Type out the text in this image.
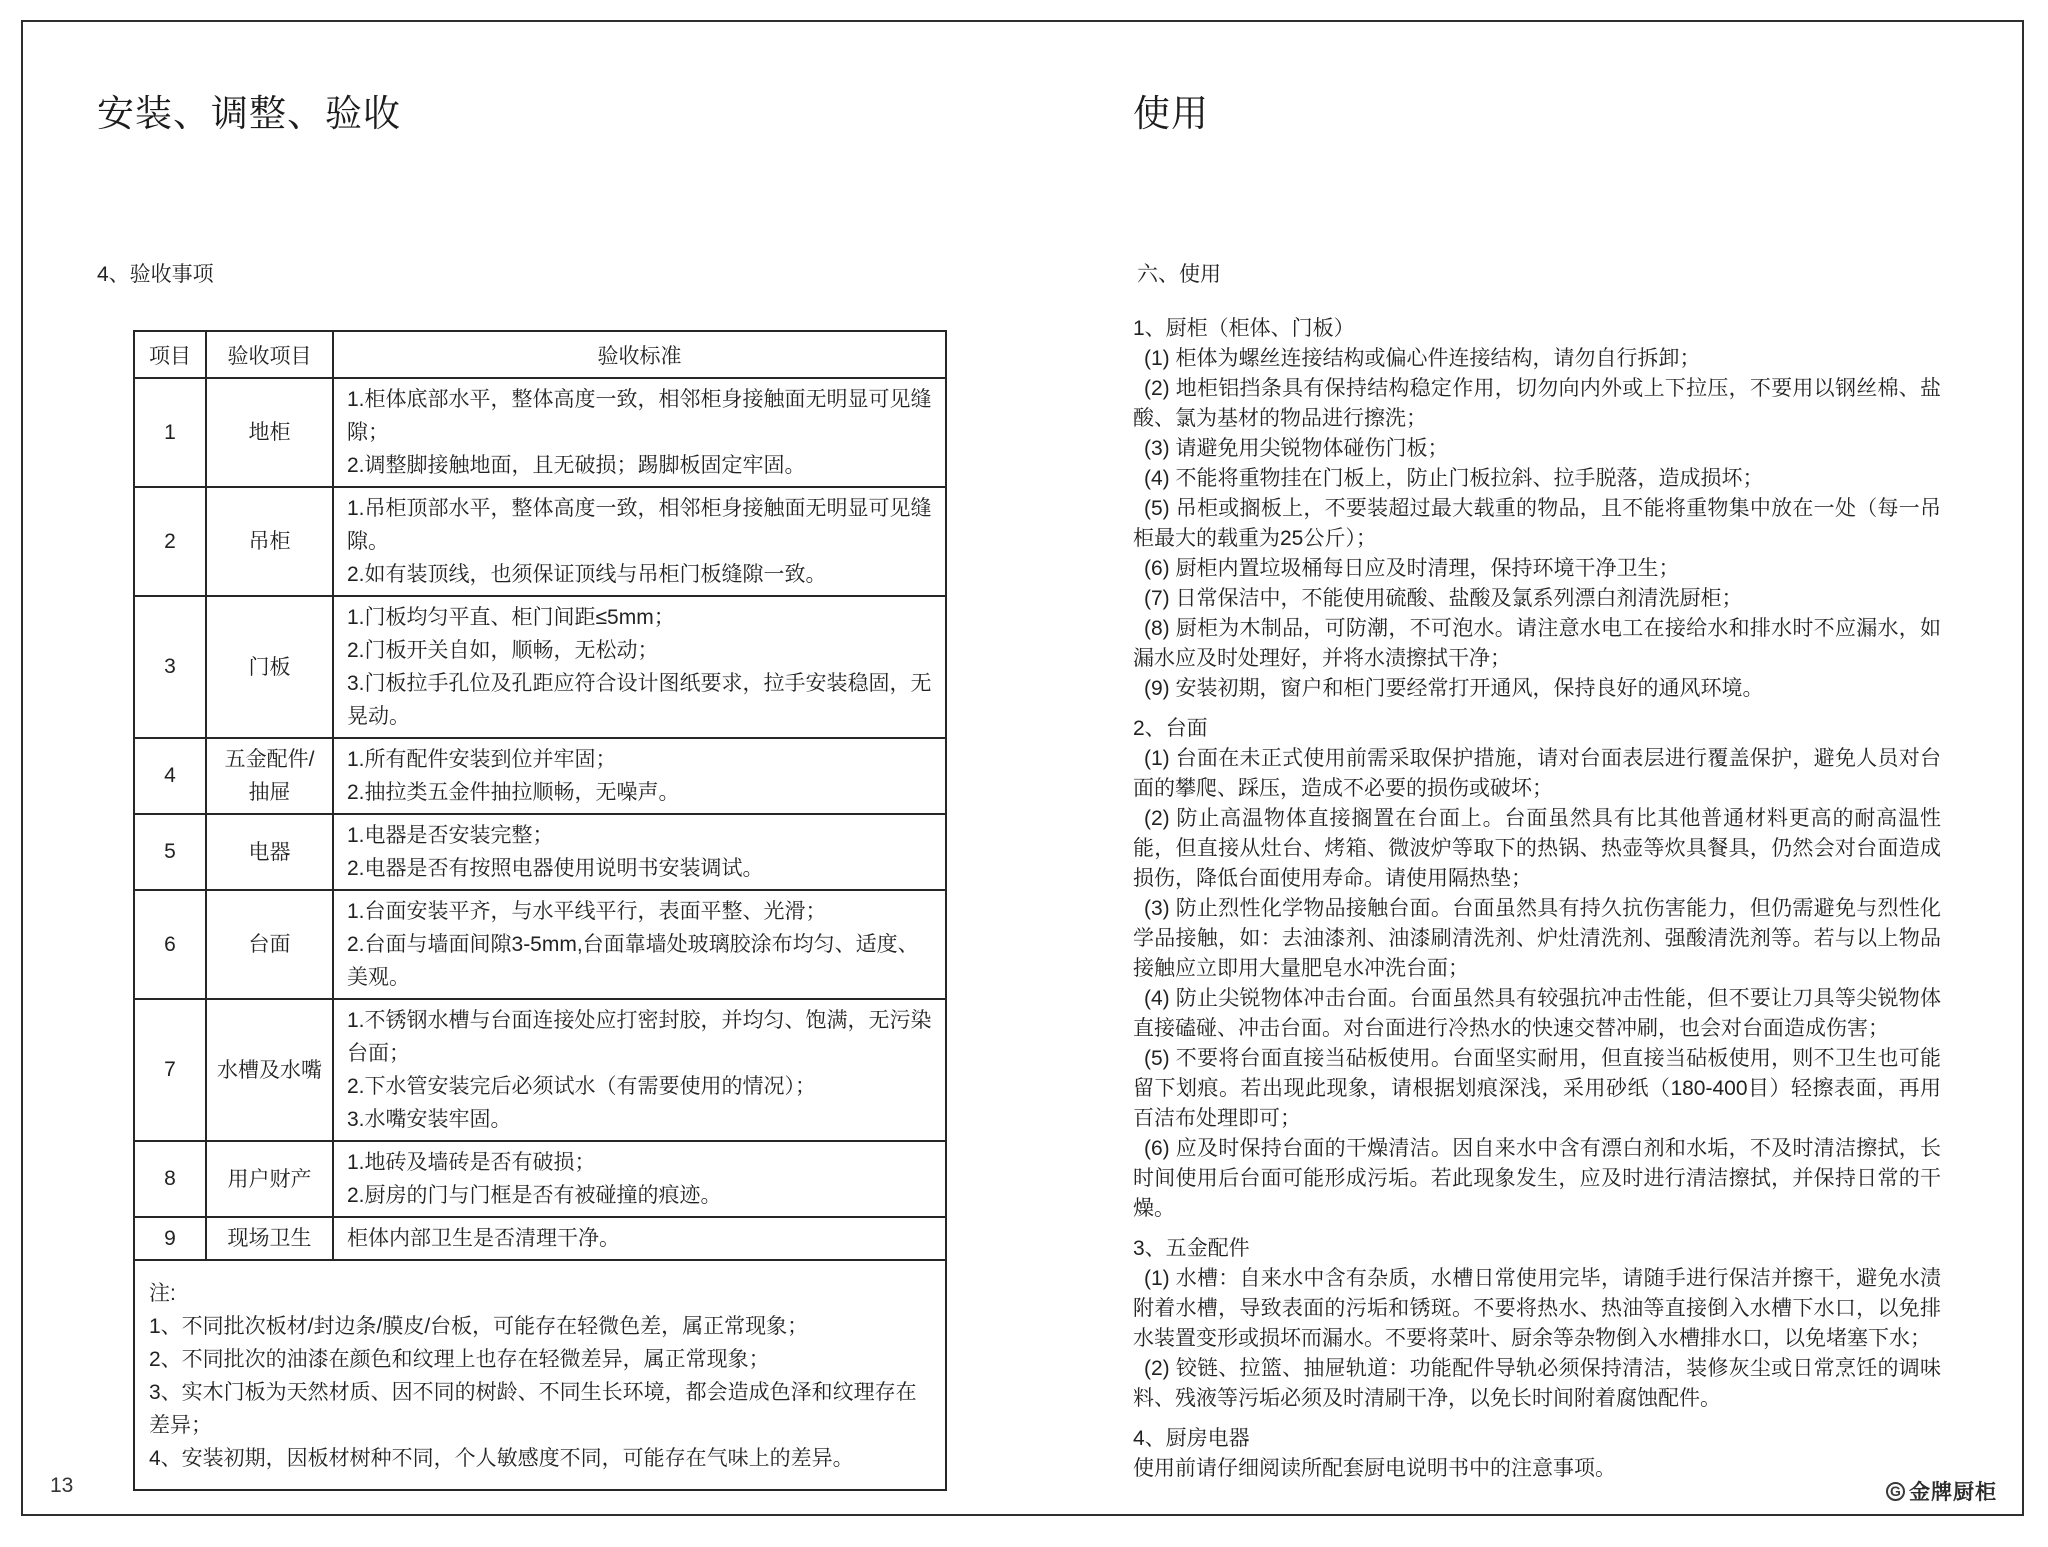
安装、调整、验收
4、验收事项
项目	验收项目	验收标准
1	地柜	1.柜体底部水平，整体高度一致，相邻柜身接触面无明显可见缝隙；
2.调整脚接触地面，且无破损；踢脚板固定牢固。

2	吊柜	1.吊柜顶部水平，整体高度一致，相邻柜身接触面无明显可见缝隙。
2.如有装顶线，也须保证顶线与吊柜门板缝隙一致。

3	门板	1.门板均匀平直、柜门间距≤5mm；
2.门板开关自如，顺畅，无松动；
3.门板拉手孔位及孔距应符合设计图纸要求，拉手安装稳固，无晃动。

4	五金配件/抽屉	1.所有配件安装到位并牢固；
2.抽拉类五金件抽拉顺畅，无噪声。

5	电器	1.电器是否安装完整；
2.电器是否有按照电器使用说明书安装调试。

6	台面	1.台面安装平齐，与水平线平行，表面平整、光滑；
2.台面与墙面间隙3-5mm,台面靠墙处玻璃胶涂布均匀、适度、美观。

7	水槽及水嘴	1.不锈钢水槽与台面连接处应打密封胶，并均匀、饱满，无污染台面；
2.下水管安装完后必须试水（有需要使用的情况）；
3.水嘴安装牢固。

8	用户财产	1.地砖及墙砖是否有破损；
2.厨房的门与门框是否有被碰撞的痕迹。

9	现场卫生	柜体内部卫生是否清理干净。

注:
1、不同批次板材/封边条/膜皮/台板，可能存在轻微色差，属正常现象；
2、不同批次的油漆在颜色和纹理上也存在轻微差异，属正常现象；
3、实木门板为天然材质、因不同的树龄、不同生长环境，都会造成色泽和纹理存在差异；
4、安装初期，因板材树种不同，个人敏感度不同，可能存在气味上的差异。		
使用
六、使用

1、厨柜（柜体、门板）

(1) 柜体为螺丝连接结构或偏心件连接结构，请勿自行拆卸；

(2) 地柜铝挡条具有保持结构稳定作用，切勿向内外或上下拉压，不要用以钢丝棉、盐酸、氯为基材的物品进行擦洗；

(3) 请避免用尖锐物体碰伤门板；

(4) 不能将重物挂在门板上，防止门板拉斜、拉手脱落，造成损坏；

(5) 吊柜或搁板上，不要装超过最大载重的物品，且不能将重物集中放在一处（每一吊柜最大的载重为25公斤）；

(6) 厨柜内置垃圾桶每日应及时清理，保持环境干净卫生；

(7) 日常保洁中，不能使用硫酸、盐酸及氯系列漂白剂清洗厨柜；

(8) 厨柜为木制品，可防潮，不可泡水。请注意水电工在接给水和排水时不应漏水，如漏水应及时处理好，并将水渍擦拭干净；

(9) 安装初期，窗户和柜门要经常打开通风，保持良好的通风环境。

2、台面

(1) 台面在未正式使用前需采取保护措施，请对台面表层进行覆盖保护，避免人员对台面的攀爬、踩压，造成不必要的损伤或破坏；

(2) 防止高温物体直接搁置在台面上。台面虽然具有比其他普通材料更高的耐高温性能，但直接从灶台、烤箱、微波炉等取下的热锅、热壶等炊具餐具，仍然会对台面造成损伤，降低台面使用寿命。请使用隔热垫；

(3) 防止烈性化学物品接触台面。台面虽然具有持久抗伤害能力，但仍需避免与烈性化学品接触，如：去油漆剂、油漆刷清洗剂、炉灶清洗剂、强酸清洗剂等。若与以上物品接触应立即用大量肥皂水冲洗台面；

(4) 防止尖锐物体冲击台面。台面虽然具有较强抗冲击性能，但不要让刀具等尖锐物体直接磕碰、冲击台面。对台面进行冷热水的快速交替冲刷，也会对台面造成伤害；

(5) 不要将台面直接当砧板使用。台面坚实耐用，但直接当砧板使用，则不卫生也可能留下划痕。若出现此现象，请根据划痕深浅，采用砂纸（180-400目）轻擦表面，再用百洁布处理即可；

(6) 应及时保持台面的干燥清洁。因自来水中含有漂白剂和水垢，不及时清洁擦拭，长时间使用后台面可能形成污垢。若此现象发生，应及时进行清洁擦拭，并保持日常的干燥。

3、五金配件

(1) 水槽：自来水中含有杂质，水槽日常使用完毕，请随手进行保洁并擦干，避免水渍附着水槽，导致表面的污垢和锈斑。不要将热水、热油等直接倒入水槽下水口，以免排水装置变形或损坏而漏水。不要将菜叶、厨余等杂物倒入水槽排水口，以免堵塞下水；

(2) 铰链、拉篮、抽屉轨道：功能配件导轨必须保持清洁，装修灰尘或日常烹饪的调味料、残液等污垢必须及时清刷干净，以免长时间附着腐蚀配件。

4、厨房电器

使用前请仔细阅读所配套厨电说明书中的注意事项。

13	G 金牌厨柜
